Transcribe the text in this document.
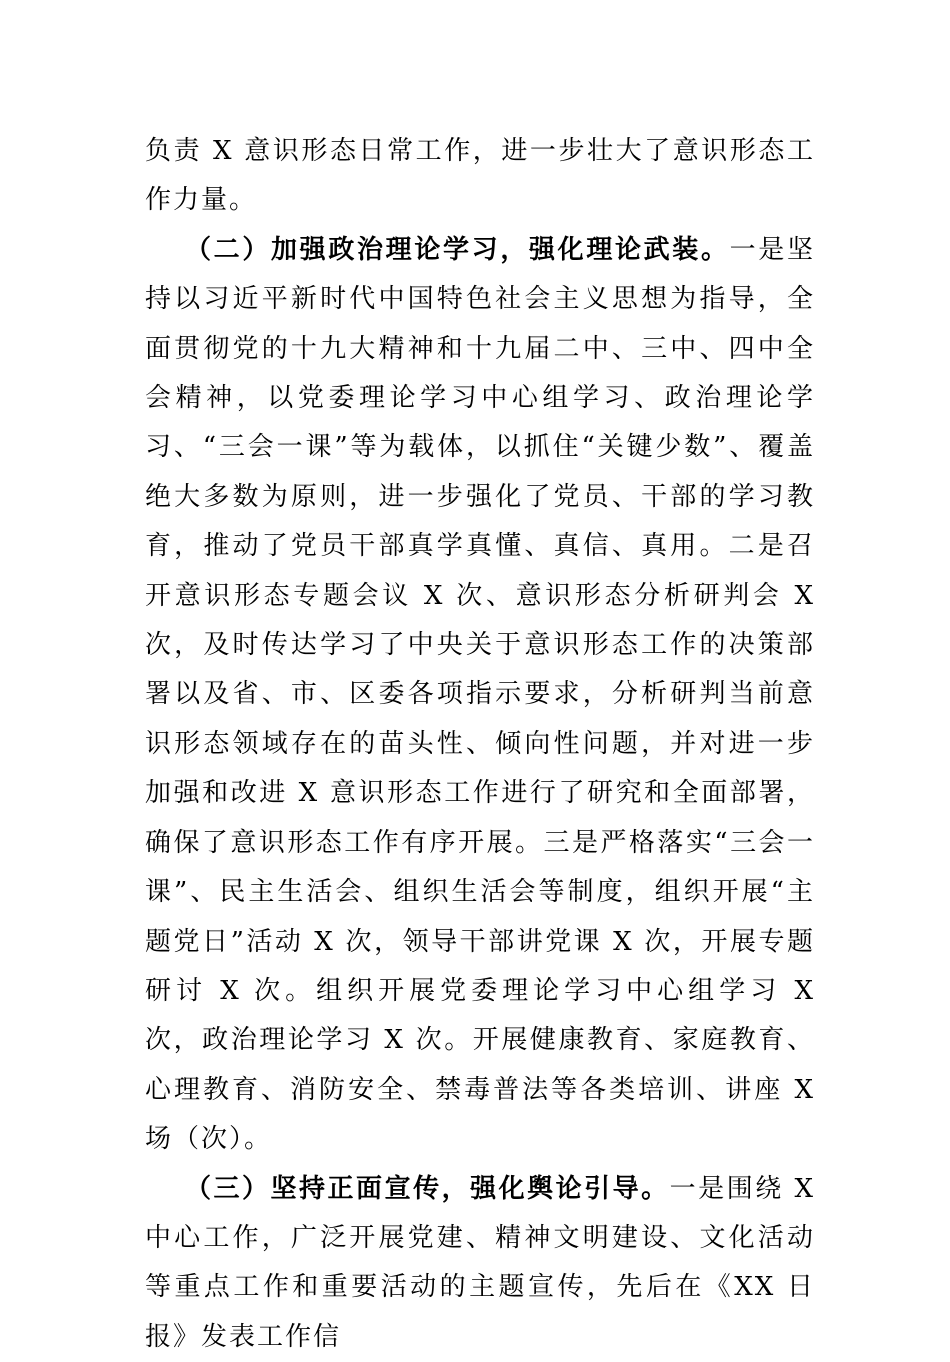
负责 X 意识形态日常工作，进一步壮大了意识形态工作力量。

（二）加强政治理论学习，强化理论武装。一是坚持以习近平新时代中国特色社会主义思想为指导，全面贯彻党的十九大精神和十九届二中、三中、四中全会精神，以党委理论学习中心组学习、政治理论学习、“三会一课”等为载体，以抓住“关键少数”、覆盖绝大多数为原则，进一步强化了党员、干部的学习教育，推动了党员干部真学真懂、真信、真用。二是召开意识形态专题会议 X 次、意识形态分析研判会 X 次，及时传达学习了中央关于意识形态工作的决策部署以及省、市、区委各项指示要求，分析研判当前意识形态领域存在的苗头性、倾向性问题，并对进一步加强和改进 X 意识形态工作进行了研究和全面部署，确保了意识形态工作有序开展。三是严格落实“三会一课”、民主生活会、组织生活会等制度，组织开展“主题党日”活动 X 次，领导干部讲党课 X 次，开展专题研讨 X 次。组织开展党委理论学习中心组学习 X 次，政治理论学习 X 次。开展健康教育、家庭教育、心理教育、消防安全、禁毒普法等各类培训、讲座 X 场（次）。

（三）坚持正面宣传，强化舆论引导。一是围绕 X 中心工作，广泛开展党建、精神文明建设、文化活动等重点工作和重要活动的主题宣传，先后在《XX 日报》发表工作信
